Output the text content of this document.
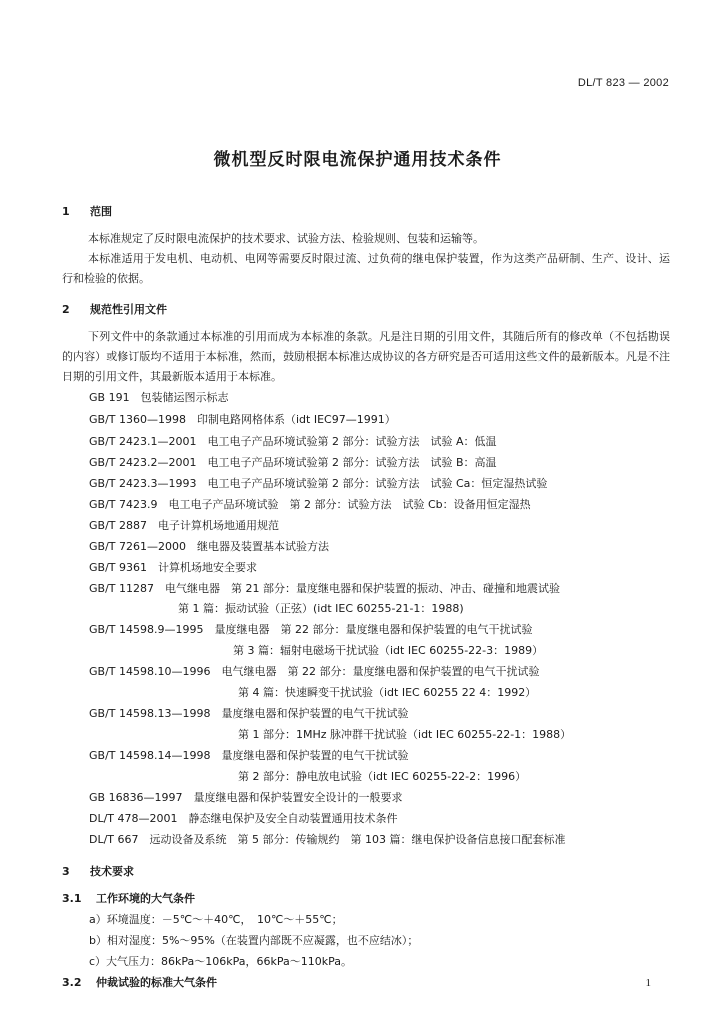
DL/T 823 — 2002
微机型反时限电流保护通用技术条件
1 范围
本标准规定了反时限电流保护的技术要求、试验方法、检验规则、包装和运输等。
本标准适用于发电机、电动机、电网等需要反时限过流、过负荷的继电保护装置，作为这类产品研制、生产、设计、运行和检验的依据。
2 规范性引用文件
下列文件中的条款通过本标准的引用而成为本标准的条款。凡是注日期的引用文件，其随后所有的修改单（不包括勘误的内容）或修订版均不适用于本标准，然而，鼓励根据本标准达成协议的各方研究是否可适用这些文件的最新版本。凡是不注日期的引用文件，其最新版本适用于本标准。
GB 191　包装储运图示标志
GB/T 1360—1998　印制电路网格体系（idt IEC97—1991）
GB/T 2423.1—2001　电工电子产品环境试验第 2 部分：试验方法　试验 A：低温
GB/T 2423.2—2001　电工电子产品环境试验第 2 部分：试验方法　试验 B：高温
GB/T 2423.3—1993　电工电子产品环境试验第 2 部分：试验方法　试验 Ca：恒定湿热试验
GB/T 7423.9　电工电子产品环境试验　第 2 部分：试验方法　试验 Cb：设备用恒定湿热
GB/T 2887　电子计算机场地通用规范
GB/T 7261—2000　继电器及装置基本试验方法
GB/T 9361　计算机场地安全要求
GB/T 11287　电气继电器　第 21 部分：量度继电器和保护装置的振动、冲击、碰撞和地震试验
第 1 篇：振动试验（正弦）(idt IEC 60255-21-1：1988)
GB/T 14598.9—1995　量度继电器　第 22 部分：量度继电器和保护装置的电气干扰试验
第 3 篇：辐射电磁场干扰试验（idt IEC 60255-22-3：1989）
GB/T 14598.10—1996　电气继电器　第 22 部分：量度继电器和保护装置的电气干扰试验
第 4 篇：快速瞬变干扰试验（idt IEC 60255 22 4：1992）
GB/T 14598.13—1998　量度继电器和保护装置的电气干扰试验
第 1 部分：1MHz 脉冲群干扰试验（idt IEC 60255-22-1：1988）
GB/T 14598.14—1998　量度继电器和保护装置的电气干扰试验
第 2 部分：静电放电试验（idt IEC 60255-22-2：1996）
GB 16836—1997　量度继电器和保护装置安全设计的一般要求
DL/T 478—2001　静态继电保护及安全自动装置通用技术条件
DL/T 667　远动设备及系统　第 5 部分：传输规约　第 103 篇：继电保护设备信息接口配套标准
3 技术要求
3.1 工作环境的大气条件
a）环境温度：－5℃～＋40℃，　10℃～＋55℃；
b）相对湿度：5%～95%（在装置内部既不应凝露，也不应结冰）；
c）大气压力：86kPa～106kPa，66kPa～110kPa。
3.2 仲裁试验的标准大气条件	1
